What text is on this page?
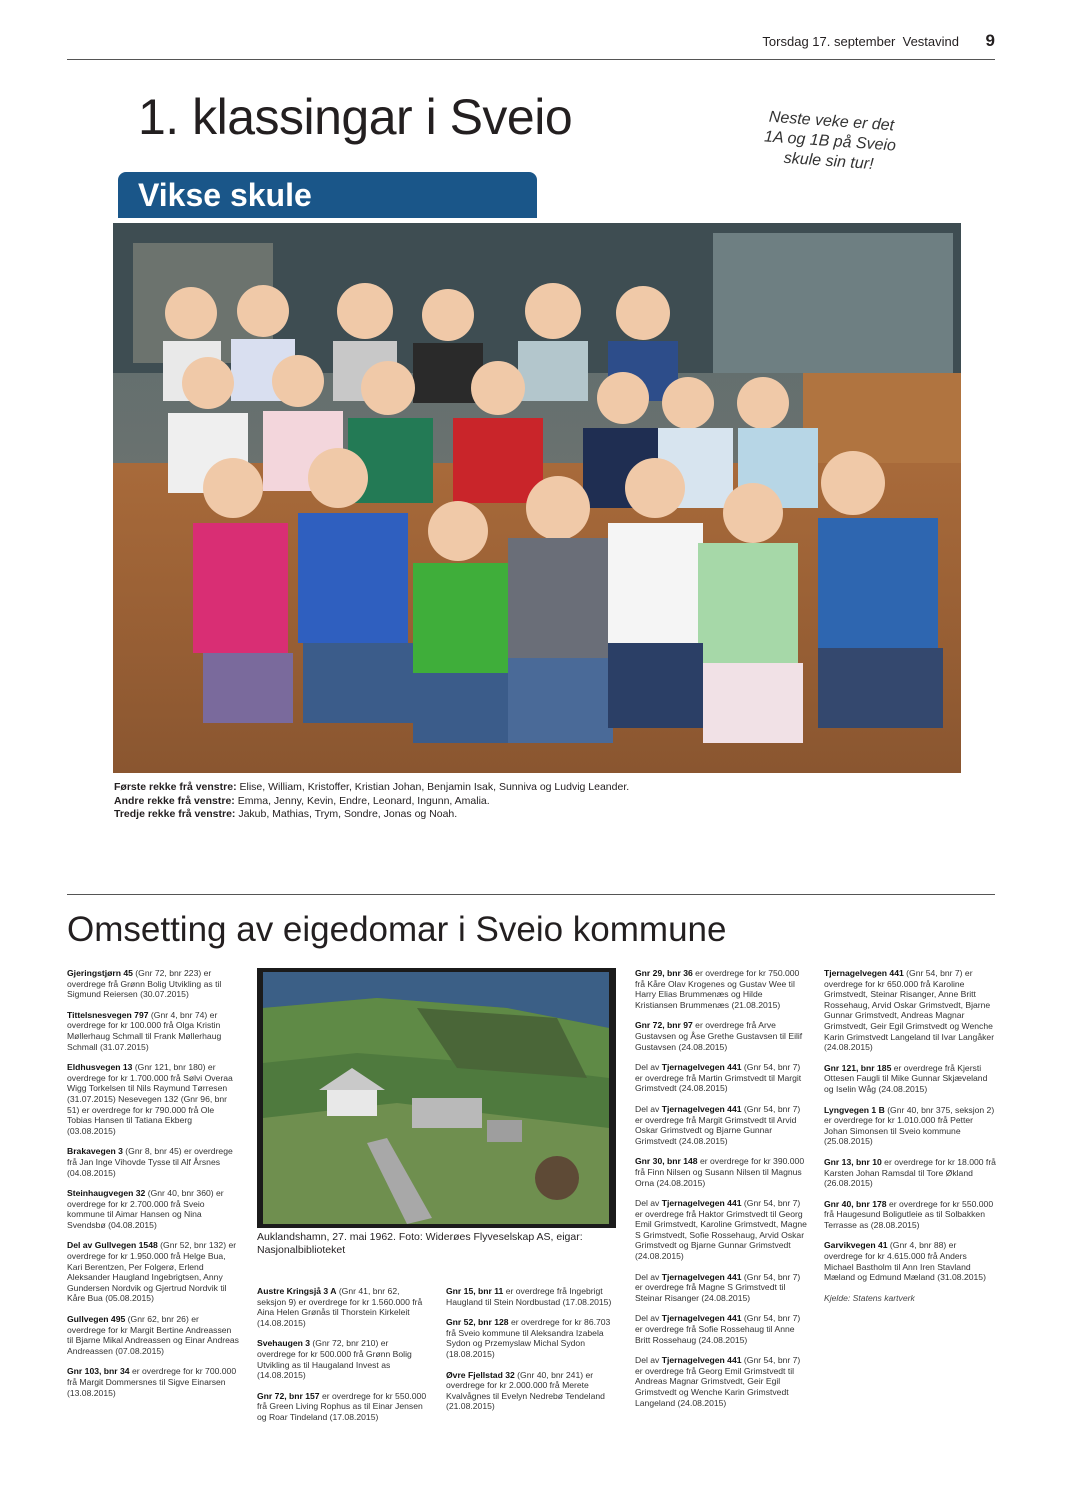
Torsdag 17. september Vestavind 9
1. klassingar i Sveio	Neste veke er det
1A og 1B på Sveio
skule sin tur!
Vikse skule
Første rekke frå venstre: Elise, William, Kristoffer, Kristian Johan, Benjamin Isak, Sunniva og Ludvig Leander.
Andre rekke frå venstre: Emma, Jenny, Kevin, Endre, Leonard, Ingunn, Amalia.
Tredje rekke frå venstre: Jakub, Mathias, Trym, Sondre, Jonas og Noah.
Omsetting av eigedomar i Sveio kommune
Gjeringstjørn 45 (Gnr 72, bnr 223) er overdrege frå Grønn Bolig Utvikling as til Sigmund Reiersen (30.07.2015)
Tittelsnesvegen 797 (Gnr 4, bnr 74) er overdrege for kr 100.000 frå Olga Kristin Møllerhaug Schmall til Frank Møllerhaug Schmall (31.07.2015)
Eldhusvegen 13 (Gnr 121, bnr 180) er overdrege for kr 1.700.000 frå Sølvi Overaa Wigg Torkelsen til Nils Raymund Tørresen (31.07.2015) Nesevegen 132 (Gnr 96, bnr 51) er overdrege for kr 790.000 frå Ole Tobias Hansen til Tatiana Ekberg (03.08.2015)
Brakavegen 3 (Gnr 8, bnr 45) er overdrege frå Jan Inge Vihovde Tysse til Alf Årsnes (04.08.2015)
Steinhaugvegen 32 (Gnr 40, bnr 360) er overdrege for kr 2.700.000 frå Sveio kommune til Aimar Hansen og Nina Svendsbø (04.08.2015)
Del av Gullvegen 1548 (Gnr 52, bnr 132) er overdrege for kr 1.950.000 frå Helge Bua, Kari Berentzen, Per Folgerø, Erlend Aleksander Haugland Ingebrigtsen, Anny Gundersen Nordvik og Gjertrud Nordvik til Kåre Bua (05.08.2015)
Gullvegen 495 (Gnr 62, bnr 26) er overdrege for kr Margit Bertine Andreassen til Bjarne Mikal Andreassen og Einar Andreas Andreassen (07.08.2015)
Gnr 103, bnr 34 er overdrege for kr 700.000 frå Margit Dommersnes til Sigve Einarsen (13.08.2015)
Auklandshamn, 27. mai 1962. Foto: Widerøes Flyveselskap AS, eigar: Nasjonalbiblioteket
Austre Kringsjå 3 A (Gnr 41, bnr 62, seksjon 9) er overdrege for kr 1.560.000 frå Aina Helen Grønås til Thorstein Kirkeleit (14.08.2015)
Svehaugen 3 (Gnr 72, bnr 210) er overdrege for kr 500.000 frå Grønn Bolig Utvikling as til Haugaland Invest as (14.08.2015)
Gnr 72, bnr 157 er overdrege for kr 550.000 frå Green Living Rophus as til Einar Jensen og Roar Tindeland (17.08.2015)
Gnr 15, bnr 11 er overdrege frå Ingebrigt Haugland til Stein Nordbustad (17.08.2015)
Gnr 52, bnr 128 er overdrege for kr 86.703 frå Sveio kommune til Aleksandra Izabela Sydon og Przemyslaw Michal Sydon (18.08.2015)
Øvre Fjellstad 32 (Gnr 40, bnr 241) er overdrege for kr 2.000.000 frå Merete Kvalvågnes til Evelyn Nedrebø Tendeland (21.08.2015)
Gnr 29, bnr 36 er overdrege for kr 750.000 frå Kåre Olav Krogenes og Gustav Wee til Harry Elias Brummenæs og Hilde Kristiansen Brummenæs (21.08.2015)
Gnr 72, bnr 97 er overdrege frå Arve Gustavsen og Åse Grethe Gustavsen til Eilif Gustavsen (24.08.2015)
Del av Tjernagelvegen 441 (Gnr 54, bnr 7) er overdrege frå Martin Grimstvedt til Margit Grimstvedt (24.08.2015)
Del av Tjernagelvegen 441 (Gnr 54, bnr 7) er overdrege frå Margit Grimstvedt til Arvid Oskar Grimstvedt og Bjarne Gunnar Grimstvedt (24.08.2015)
Gnr 30, bnr 148 er overdrege for kr 390.000 frå Finn Nilsen og Susann Nilsen til Magnus Orna (24.08.2015)
Del av Tjernagelvegen 441 (Gnr 54, bnr 7) er overdrege frå Haktor Grimstvedt til Georg Emil Grimstvedt, Karoline Grimstvedt, Magne S Grimstvedt, Sofie Rossehaug, Arvid Oskar Grimstvedt og Bjarne Gunnar Grimstvedt (24.08.2015)
Del av Tjernagelvegen 441 (Gnr 54, bnr 7) er overdrege frå Magne S Grimstvedt til Steinar Risanger (24.08.2015)
Del av Tjernagelvegen 441 (Gnr 54, bnr 7) er overdrege frå Sofie Rossehaug til Anne Britt Rossehaug (24.08.2015)
Del av Tjernagelvegen 441 (Gnr 54, bnr 7) er overdrege frå Georg Emil Grimstvedt til Andreas Magnar Grimstvedt, Geir Egil Grimstvedt og Wenche Karin Grimstvedt Langeland (24.08.2015)
Tjernagelvegen 441 (Gnr 54, bnr 7) er overdrege for kr 650.000 frå Karoline Grimstvedt, Steinar Risanger, Anne Britt Rossehaug, Arvid Oskar Grimstvedt, Bjarne Gunnar Grimstvedt, Andreas Magnar Grimstvedt, Geir Egil Grimstvedt og Wenche Karin Grimstvedt Langeland til Ivar Langåker (24.08.2015)
Gnr 121, bnr 185 er overdrege frå Kjersti Ottesen Faugli til Mike Gunnar Skjæveland og Iselin Wåg (24.08.2015)
Lyngvegen 1 B (Gnr 40, bnr 375, seksjon 2) er overdrege for kr 1.010.000 frå Petter Johan Simonsen til Sveio kommune (25.08.2015)
Gnr 13, bnr 10 er overdrege for kr 18.000 frå Karsten Johan Ramsdal til Tore Økland (26.08.2015)
Gnr 40, bnr 178 er overdrege for kr 550.000 frå Haugesund Boligutleie as til Solbakken Terrasse as (28.08.2015)
Garvikvegen 41 (Gnr 4, bnr 88) er overdrege for kr 4.615.000 frå Anders Michael Bastholm til Ann Iren Stavland Mæland og Edmund Mæland (31.08.2015)
Kjelde: Statens kartverk
